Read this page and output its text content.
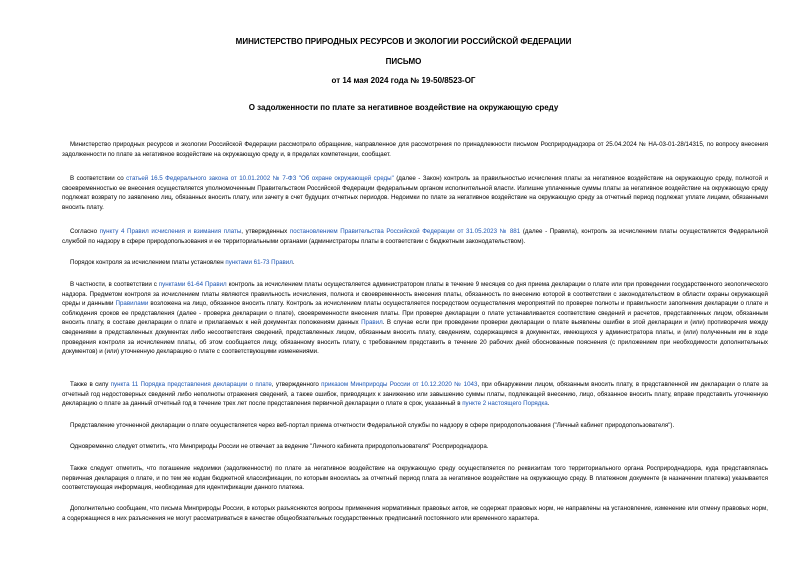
МИНИСТЕРСТВО ПРИРОДНЫХ РЕСУРСОВ И ЭКОЛОГИИ РОССИЙСКОЙ ФЕДЕРАЦИИ
ПИСЬМО
от 14 мая 2024 года № 19-50/8523-ОГ
О задолженности по плате за негативное воздействие на окружающую среду
Министерство природных ресурсов и экологии Российской Федерации рассмотрело обращение, направленное для рассмотрения по принадлежности письмом Росприроднадзора от 25.04.2024 № НА-03-01-28/14315, по вопросу внесения задолженности по плате за негативное воздействие на окружающую среду и, в пределах компетенции, сообщает.
В соответствии со статьей 16.5 Федерального закона от 10.01.2002 № 7-ФЗ "Об охране окружающей среды" (далее - Закон) контроль за правильностью исчисления платы за негативное воздействие на окружающую среду, полнотой и своевременностью ее внесения осуществляется уполномоченным Правительством Российской Федерации федеральным органом исполнительной власти. Излишне уплаченные суммы платы за негативное воздействие на окружающую среду подлежат возврату по заявлению лиц, обязанных вносить плату, или зачету в счет будущих отчетных периодов. Недоимки по плате за негативное воздействие на окружающую среду за отчетный период подлежат уплате лицами, обязанными вносить плату.
Согласно пункту 4 Правил исчисления и взимания платы, утвержденных постановлением Правительства Российской Федерации от 31.05.2023 № 881 (далее - Правила), контроль за исчислением платы осуществляется Федеральной службой по надзору в сфере природопользования и ее территориальными органами (администраторы платы в соответствии с бюджетным законодательством).
Порядок контроля за исчислением платы установлен пунктами 61-73 Правил.
В частности, в соответствии с пунктами 61-64 Правил контроль за исчислением платы осуществляется администратором платы в течение 9 месяцев со дня приема декларации о плате или при проведении государственного экологического надзора. Предметом контроля за исчислением платы являются правильность исчисления, полнота и своевременность внесения платы, обязанность по внесению которой в соответствии с законодательством в области охраны окружающей среды и данными Правилами возложена на лицо, обязанное вносить плату. Контроль за исчислением платы осуществляется посредством осуществления мероприятий по проверке полноты и правильности заполнения декларации о плате и соблюдения сроков ее представления (далее - проверка декларации о плате), своевременности внесения платы. При проверке декларации о плате устанавливается соответствие сведений и расчетов, представленных лицом, обязанным вносить плату, в составе декларации о плате и прилагаемых к ней документах положениям данных Правил. В случае если при проведении проверки декларации о плате выявлены ошибки в этой декларации и (или) противоречия между сведениями в представленных документах либо несоответствия сведений, представленных лицом, обязанным вносить плату, сведениям, содержащимся в документах, имеющихся у администратора платы, и (или) полученным им в ходе проведения контроля за исчислением платы, об этом сообщается лицу, обязанному вносить плату, с требованием представить в течение 20 рабочих дней обоснованные пояснения (с приложением при необходимости дополнительных документов) и (или) уточненную декларацию о плате с соответствующими изменениями.
Также в силу пункта 11 Порядка представления декларации о плате, утвержденного приказом Минприроды России от 10.12.2020 № 1043, при обнаружении лицом, обязанным вносить плату, в представленной им декларации о плате за отчетный год недостоверных сведений либо неполноты отражения сведений, а также ошибок, приводящих к занижению или завышению суммы платы, подлежащей внесению, лицо, обязанное вносить плату, вправе представить уточненную декларацию о плате за данный отчетный год в течение трех лет после представления первичной декларации о плате в срок, указанный в пункте 2 настоящего Порядка.
Представление уточненной декларации о плате осуществляется через веб-портал приема отчетности Федеральной службы по надзору в сфере природопользования ("Личный кабинет природопользователя").
Одновременно следует отметить, что Минприроды России не отвечает за ведение "Личного кабинета природопользователя" Росприроднадзора.
Также следует отметить, что погашение недоимки (задолженности) по плате за негативное воздействие на окружающую среду осуществляется по реквизитам того территориального органа Росприроднадзора, куда представлялась первичная декларация о плате, и по тем же кодам бюджетной классификации, по которым вносилась за отчетный период плата за негативное воздействие на окружающую среду. В платежном документе (в назначении платежа) указывается соответствующая информация, необходимая для идентификации данного платежа.
Дополнительно сообщаем, что письма Минприроды России, в которых разъясняются вопросы применения нормативных правовых актов, не содержат правовых норм, не направлены на установление, изменение или отмену правовых норм, а содержащиеся в них разъяснения не могут рассматриваться в качестве общеобязательных государственных предписаний постоянного или временного характера.
